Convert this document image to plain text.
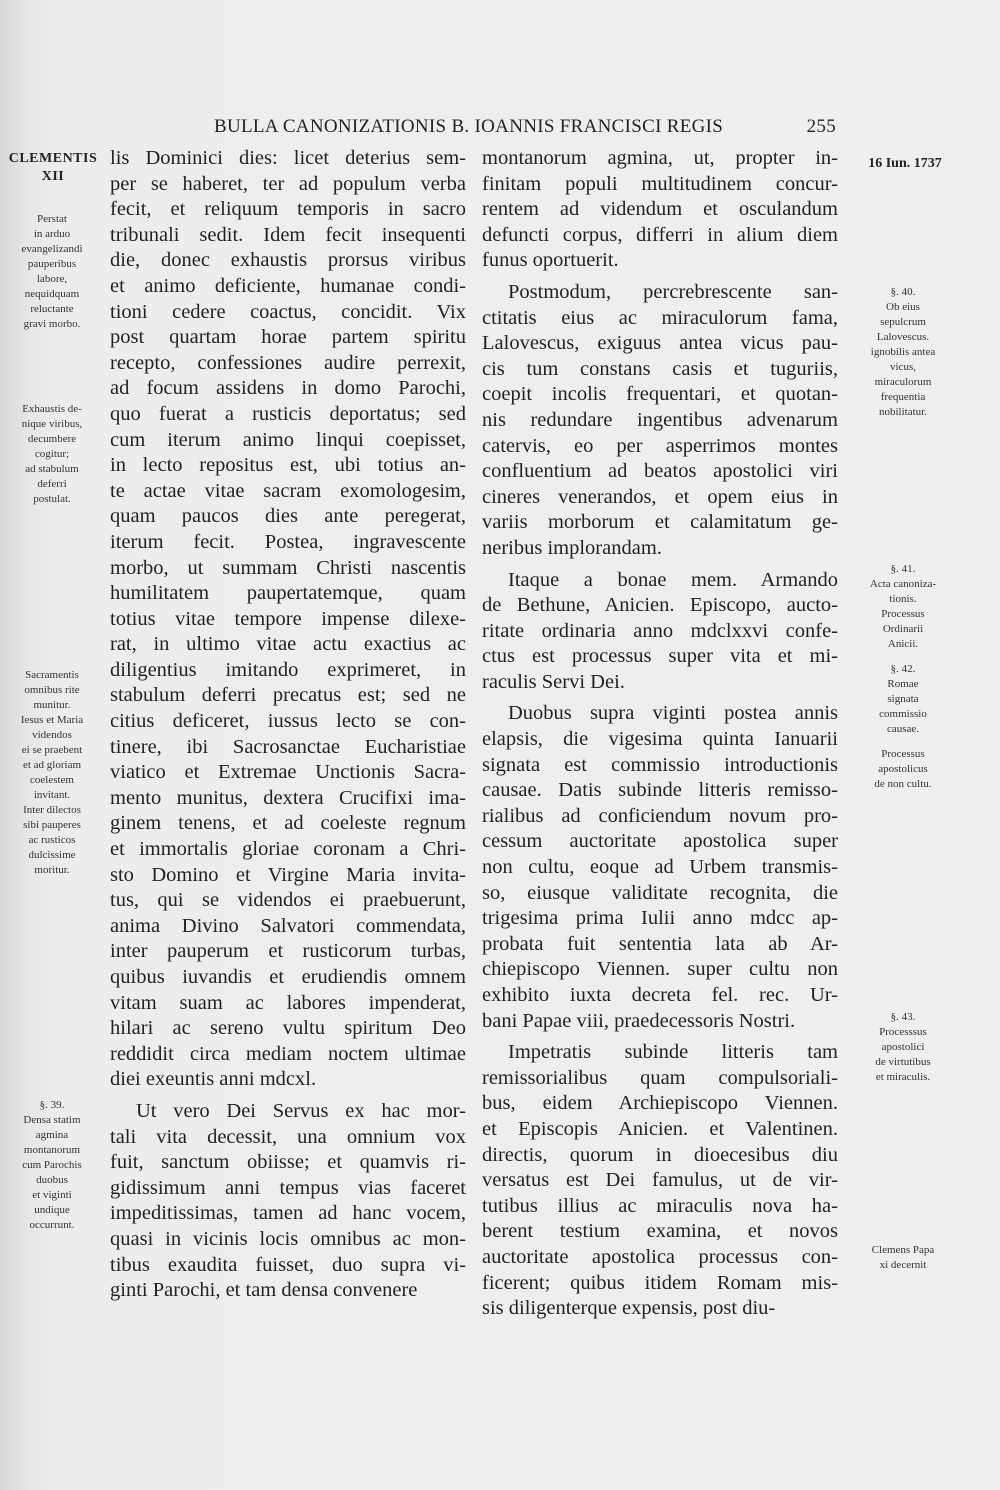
BULLA CANONIZATIONIS B. IOANNIS FRANCISCI REGIS	255
CLEMENTIS
XII
16 Iun. 1737
Perstat
in arduo
evangelizandi
pauperibus
labore,
nequidquam
reluctante
gravi morbo.
Exhaustis de-
nique viribus,
decumbere
cogitur;
ad stabulum
deferri
postulat.
Sacramentis
omnibus rite
munitur.
Iesus et Maria
videndos
ei se praebent
et ad gloriam
coelestem
invitant.
Inter dilectos
sibi pauperes
ac rusticos
dulcissime
moritur.
§. 39.
Densa statim
agmina
montanorum
cum Parochis
duobus
et viginti
undique
occurrunt.
§. 40.
Ob eius
sepulcrum
Lalovescus.
ignobilis antea
vicus,
miraculorum
frequentia
nobilitatur.
§. 41.
Acta canoniza-
tionis.
Processus
Ordinarii
Anicii.
§. 42.
Romae
signata
commissio
causae.
Processus
apostolicus
de non cultu.
§. 43.
Processsus
apostolici
de virtutibus
et miraculis.
Clemens Papa
xi decernit
lis Dominici dies: licet deterius sem-
per se haberet, ter ad populum verba
fecit, et reliquum temporis in sacro
tribunali sedit. Idem fecit insequenti
die, donec exhaustis prorsus viribus
et animo deficiente, humanae condi-
tioni cedere coactus, concidit. Vix
post quartam horae partem spiritu
recepto, confessiones audire perrexit,
ad focum assidens in domo Parochi,
quo fuerat a rusticis deportatus; sed
cum iterum animo linqui coepisset,
in lecto repositus est, ubi totius an-
te actae vitae sacram exomologesim,
quam paucos dies ante peregerat,
iterum fecit. Postea, ingravescente
morbo, ut summam Christi nascentis
humilitatem paupertatemque, quam
totius vitae tempore impense dilexe-
rat, in ultimo vitae actu exactius ac
diligentius imitando exprimeret, in
stabulum deferri precatus est; sed ne
citius deficeret, iussus lecto se con-
tinere, ibi Sacrosanctae Eucharistiae
viatico et Extremae Unctionis Sacra-
mento munitus, dextera Crucifixi ima-
ginem tenens, et ad coeleste regnum
et immortalis gloriae coronam a Chri-
sto Domino et Virgine Maria invita-
tus, qui se videndos ei praebuerunt,
anima Divino Salvatori commendata,
inter pauperum et rusticorum turbas,
quibus iuvandis et erudiendis omnem
vitam suam ac labores impenderat,
hilari ac sereno vultu spiritum Deo
reddidit circa mediam noctem ultimae
diei exeuntis anni mdcxl.
Ut vero Dei Servus ex hac mor-
tali vita decessit, una omnium vox
fuit, sanctum obiisse; et quamvis ri-
gidissimum anni tempus vias faceret
impeditissimas, tamen ad hanc vocem,
quasi in vicinis locis omnibus ac mon-
tibus exaudita fuisset, duo supra vi-
ginti Parochi, et tam densa convenere
montanorum agmina, ut, propter in-
finitam populi multitudinem concur-
rentem ad videndum et osculandum
defuncti corpus, differri in alium diem
funus oportuerit.
Postmodum, percrebrescente san-
ctitatis eius ac miraculorum fama,
Lalovescus, exiguus antea vicus pau-
cis tum constans casis et tuguriis,
coepit incolis frequentari, et quotan-
nis redundare ingentibus advenarum
catervis, eo per asperrimos montes
confluentium ad beatos apostolici viri
cineres venerandos, et opem eius in
variis morborum et calamitatum ge-
neribus implorandam.
Itaque a bonae mem. Armando
de Bethune, Anicien. Episcopo, aucto-
ritate ordinaria anno mdclxxvi confe-
ctus est processus super vita et mi-
raculis Servi Dei.
Duobus supra viginti postea annis
elapsis, die vigesima quinta Ianuarii
signata est commissio introductionis
causae. Datis subinde litteris remisso-
rialibus ad conficiendum novum pro-
cessum auctoritate apostolica super
non cultu, eoque ad Urbem transmis-
so, eiusque validitate recognita, die
trigesima prima Iulii anno mdcc ap-
probata fuit sententia lata ab Ar-
chiepiscopo Viennen. super cultu non
exhibito iuxta decreta fel. rec. Ur-
bani Papae viii, praedecessoris Nostri.
Impetratis subinde litteris tam
remissorialibus quam compulsoriali-
bus, eidem Archiepiscopo Viennen.
et Episcopis Anicien. et Valentinen.
directis, quorum in dioecesibus diu
versatus est Dei famulus, ut de vir-
tutibus illius ac miraculis nova ha-
berent testium examina, et novos
auctoritate apostolica processus con-
ficerent; quibus itidem Romam mis-
sis diligenterque expensis, post diu-
